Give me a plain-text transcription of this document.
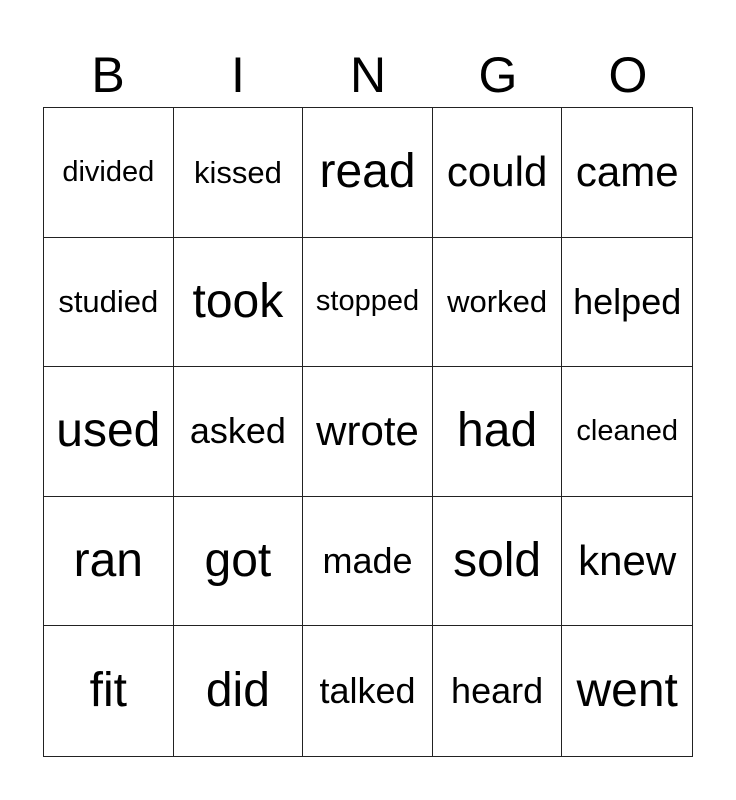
B	I	N	G	O
divided	kissed read could came
studied took	stopped worked helped
used asked wrote had	cleaned
ran	got	made sold knew
fit	did	talked heard went
